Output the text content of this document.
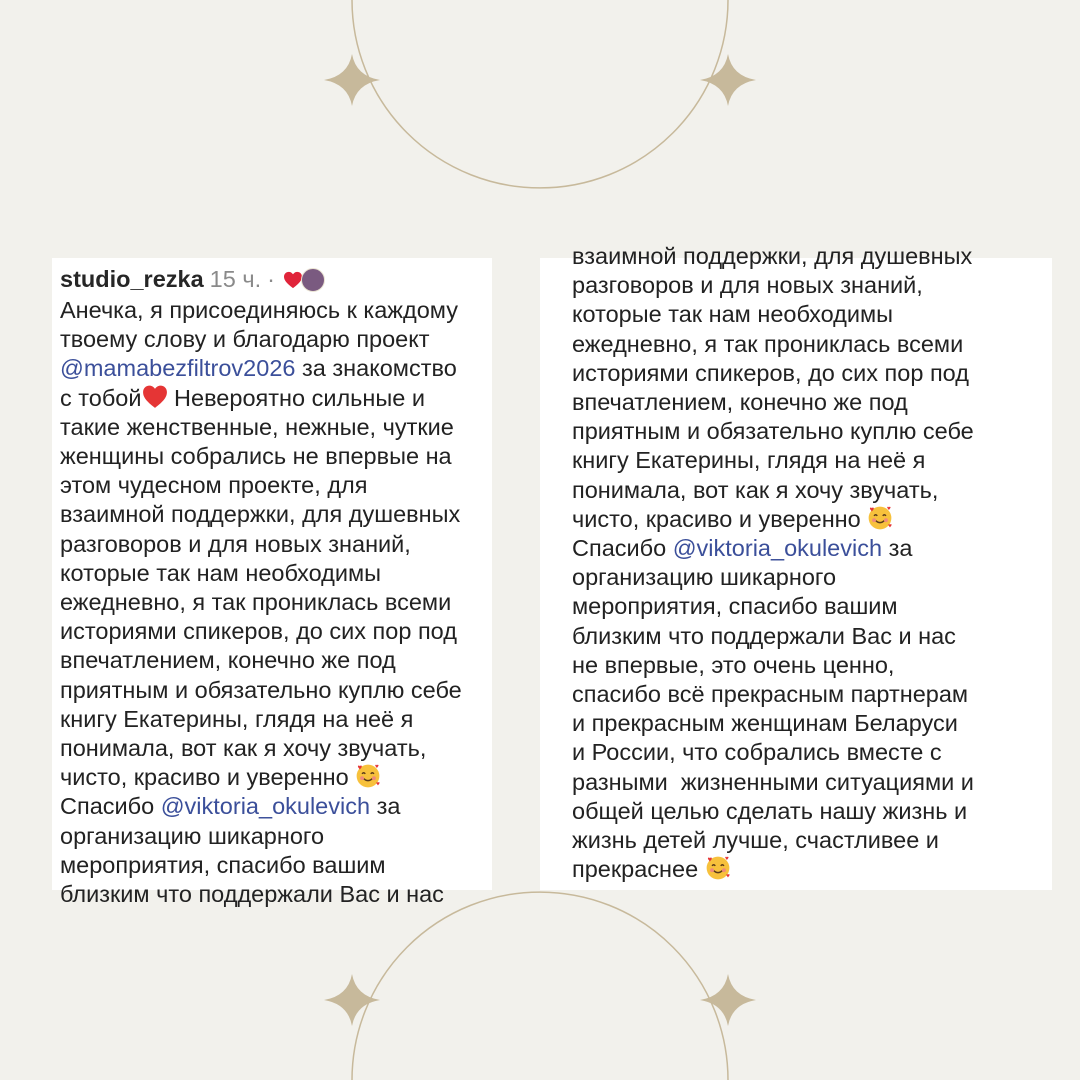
studio_rezka 15 ч. ·
Анечка, я присоединяюсь к каждому
твоему слову и благодарю проект
@mamabezfiltrov2026 за знакомство
с тобой Невероятно сильные и
такие женственные, нежные, чуткие
женщины собрались не впервые на
этом чудесном проекте, для
взаимной поддержки, для душевных
разговоров и для новых знаний,
которые так нам необходимы
ежедневно, я так прониклась всеми
историями спикеров, до сих пор под
впечатлением, конечно же под
приятным и обязательно куплю себе
книгу Екатерины, глядя на неё я
понимала, вот как я хочу звучать,
чисто, красиво и уверенно
Спасибо @viktoria_okulevich за
организацию шикарного
мероприятия, спасибо вашим
близким что поддержали Вас и нас
взаимной поддержки, для душевных
разговоров и для новых знаний,
которые так нам необходимы
ежедневно, я так прониклась всеми
историями спикеров, до сих пор под
впечатлением, конечно же под
приятным и обязательно куплю себе
книгу Екатерины, глядя на неё я
понимала, вот как я хочу звучать,
чисто, красиво и уверенно
Спасибо @viktoria_okulevich за
организацию шикарного
мероприятия, спасибо вашим
близким что поддержали Вас и нас
не впервые, это очень ценно,
спасибо всё прекрасным партнерам
и прекрасным женщинам Беларуси
и России, что собрались вместе с
разными  жизненными ситуациями и
общей целью сделать нашу жизнь и
жизнь детей лучше, счастливее и
прекраснее
